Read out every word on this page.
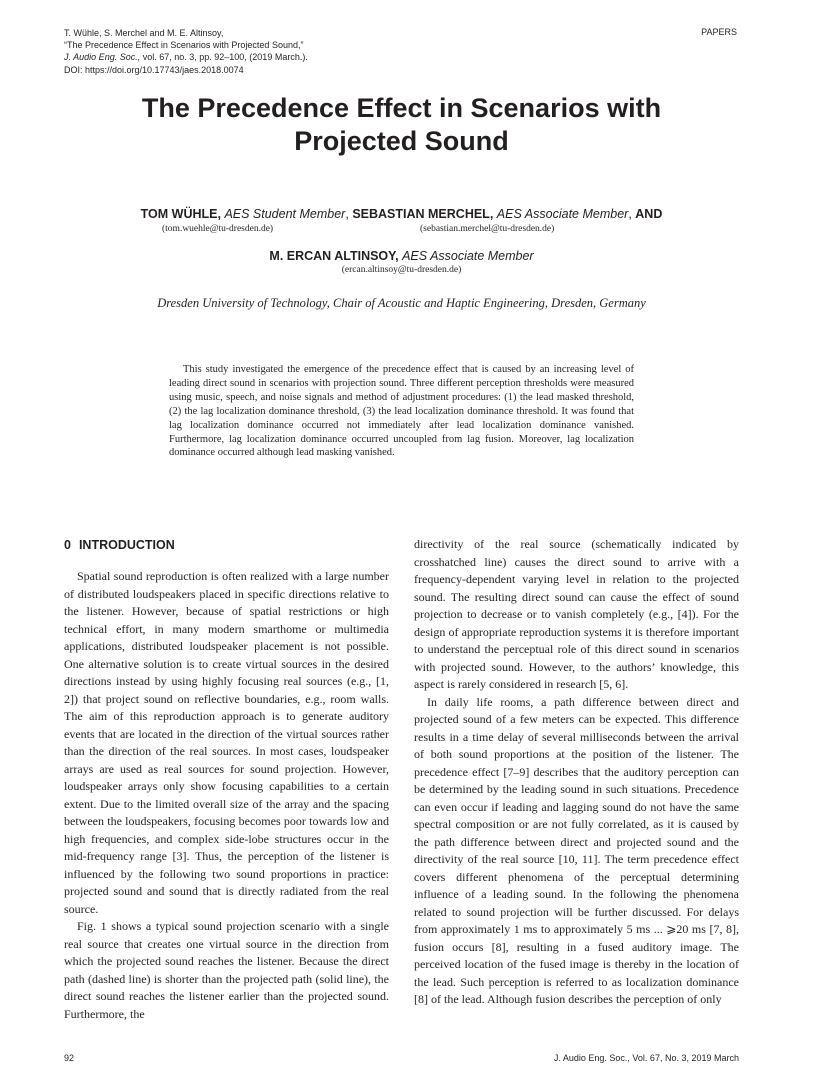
T. Wühle, S. Merchel and M. E. Altinsoy,
“The Precedence Effect in Scenarios with Projected Sound,”
J. Audio Eng. Soc., vol. 67, no. 3, pp. 92–100, (2019 March.).
DOI: https://doi.org/10.17743/jaes.2018.0074
PAPERS
The Precedence Effect in Scenarios with
Projected Sound
TOM WÜHLE, AES Student Member, SEBASTIAN MERCHEL, AES Associate Member, AND
(tom.wuehle@tu-dresden.de)	(sebastian.merchel@tu-dresden.de)
M. ERCAN ALTINSOY, AES Associate Member
(ercan.altinsoy@tu-dresden.de)
Dresden University of Technology, Chair of Acoustic and Haptic Engineering, Dresden, Germany

This study investigated the emergence of the precedence effect that is caused by an increasing level of leading direct sound in scenarios with projection sound. Three different perception thresholds were measured using music, speech, and noise signals and method of adjustment procedures: (1) the lead masked threshold, (2) the lag localization dominance threshold, (3) the lead localization dominance threshold. It was found that lag localization dominance occurred not immediately after lead localization dominance vanished. Furthermore, lag localization dominance occurred uncoupled from lag fusion. Moreover, lag localization dominance occurred although lead masking vanished.

0 INTRODUCTION

Spatial sound reproduction is often realized with a large number of distributed loudspeakers placed in specific directions relative to the listener. However, because of spatial restrictions or high technical effort, in many modern smarthome or multimedia applications, distributed loudspeaker placement is not possible. One alternative solution is to create virtual sources in the desired directions instead by using highly focusing real sources (e.g., [1, 2]) that project sound on reflective boundaries, e.g., room walls. The aim of this reproduction approach is to generate auditory events that are located in the direction of the virtual sources rather than the direction of the real sources. In most cases, loudspeaker arrays are used as real sources for sound projection. However, loudspeaker arrays only show focusing capabilities to a certain extent. Due to the limited overall size of the array and the spacing between the loudspeakers, focusing becomes poor towards low and high frequencies, and complex side-lobe structures occur in the mid-frequency range [3]. Thus, the perception of the listener is influenced by the following two sound proportions in practice: projected sound and sound that is directly radiated from the real source.

Fig. 1 shows a typical sound projection scenario with a single real source that creates one virtual source in the direction from which the projected sound reaches the listener. Because the direct path (dashed line) is shorter than the projected path (solid line), the direct sound reaches the listener earlier than the projected sound. Furthermore, the

directivity of the real source (schematically indicated by crosshatched line) causes the direct sound to arrive with a frequency-dependent varying level in relation to the projected sound. The resulting direct sound can cause the effect of sound projection to decrease or to vanish completely (e.g., [4]). For the design of appropriate reproduction systems it is therefore important to understand the perceptual role of this direct sound in scenarios with projected sound. However, to the authors’ knowledge, this aspect is rarely considered in research [5, 6].

In daily life rooms, a path difference between direct and projected sound of a few meters can be expected. This difference results in a time delay of several milliseconds between the arrival of both sound proportions at the position of the listener. The precedence effect [7–9] describes that the auditory perception can be determined by the leading sound in such situations. Precedence can even occur if leading and lagging sound do not have the same spectral composition or are not fully correlated, as it is caused by the path difference between direct and projected sound and the directivity of the real source [10, 11]. The term precedence effect covers different phenomena of the perceptual determining influence of a leading sound. In the following the phenomena related to sound projection will be further discussed. For delays from approximately 1 ms to approximately 5 ms ... ⩾20 ms [7, 8], fusion occurs [8], resulting in a fused auditory image. The perceived location of the fused image is thereby in the location of the lead. Such perception is referred to as localization dominance [8] of the lead. Although fusion describes the perception of only

92	J. Audio Eng. Soc., Vol. 67, No. 3, 2019 March
